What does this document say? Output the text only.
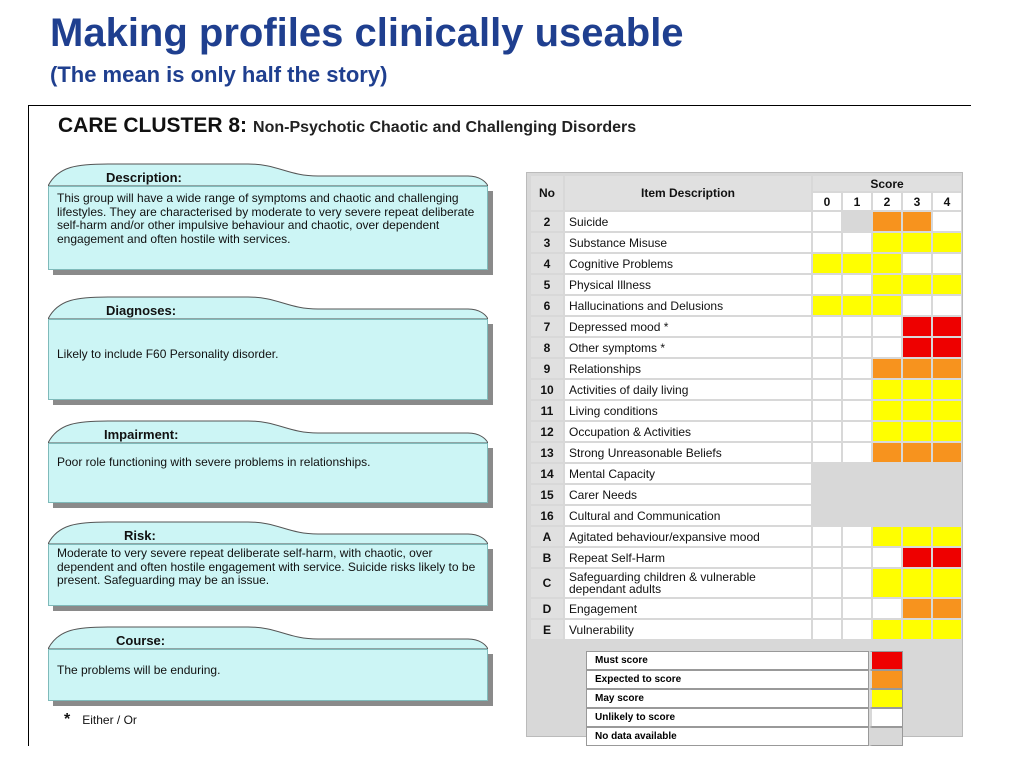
Making profiles clinically useable
(The mean is only half the story)
CARE CLUSTER 8: Non-Psychotic Chaotic and Challenging Disorders
Description:
This group will have a wide range of symptoms and chaotic and challenging lifestyles. They are characterised by moderate to very severe repeat deliberate self-harm and/or other impulsive behaviour and chaotic, over dependent engagement and often hostile with services.
Diagnoses:
Likely to include F60 Personality disorder.
Impairment:
Poor role functioning with severe problems in relationships.
Risk:
Moderate to very severe repeat deliberate self-harm, with chaotic, over dependent and often hostile engagement with service. Suicide risks likely to be present. Safeguarding may be an issue.
Course:
The problems will be enduring.
* Either / Or
No	Item Description	Score				
		0	1	2	3	4
2	Suicide					
3	Substance Misuse					
4	Cognitive Problems					
5	Physical Illness					
6	Hallucinations and Delusions					
7	Depressed mood *					
8	Other symptoms *					
9	Relationships					
10	Activities of daily living					
11	Living conditions					
12	Occupation & Activities					
13	Strong Unreasonable Beliefs					
14	Mental Capacity					
15	Carer Needs					
16	Cultural and Communication					
A	Agitated behaviour/expansive mood					
B	Repeat Self-Harm					
C	Safeguarding children & vulnerable dependant adults					
D	Engagement					
E	Vulnerability					
Must score	
Expected to score	
May score	
Unlikely to score	
No data available	
